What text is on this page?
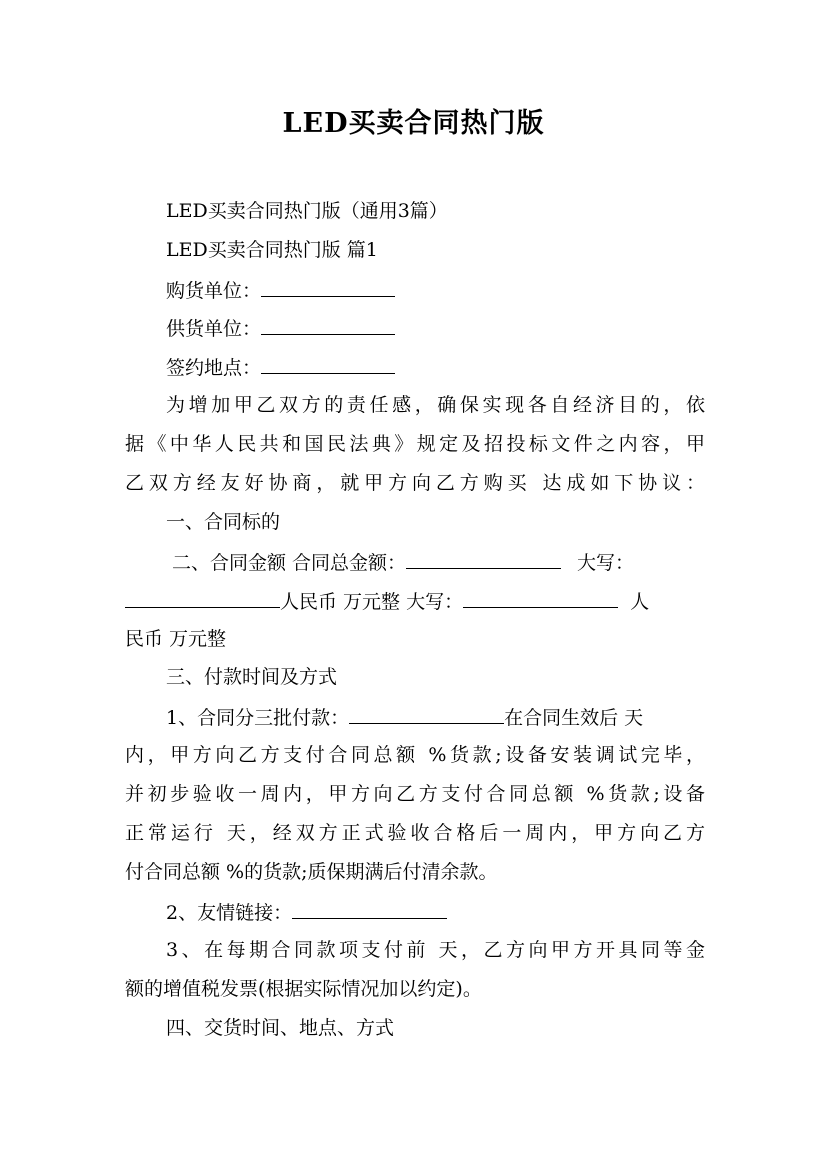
LED买卖合同热门版
LED买卖合同热门版（通用3篇）
LED买卖合同热门版 篇1
购货单位：
供货单位：
签约地点：
为增加甲乙双方的责任感，确保实现各自经济目的，依
据《中华人民共和国民法典》规定及招投标文件之内容，甲
乙双方经友好协商，就甲方向乙方购买 达成如下协议：
一、合同标的
二、合同金额 合同总金额：	大写：
人民币 万元整 大写：	人
民币 万元整
三、付款时间及方式
1、合同分三批付款：	在合同生效后 天
内，甲方向乙方支付合同总额 %货款;设备安装调试完毕，
并初步验收一周内，甲方向乙方支付合同总额 %货款;设备
正常运行 天，经双方正式验收合格后一周内，甲方向乙方
付合同总额 %的货款;质保期满后付清余款。
2、友情链接：
3、在每期合同款项支付前 天，乙方向甲方开具同等金
额的增值税发票(根据实际情况加以约定)。
四、交货时间、地点、方式
